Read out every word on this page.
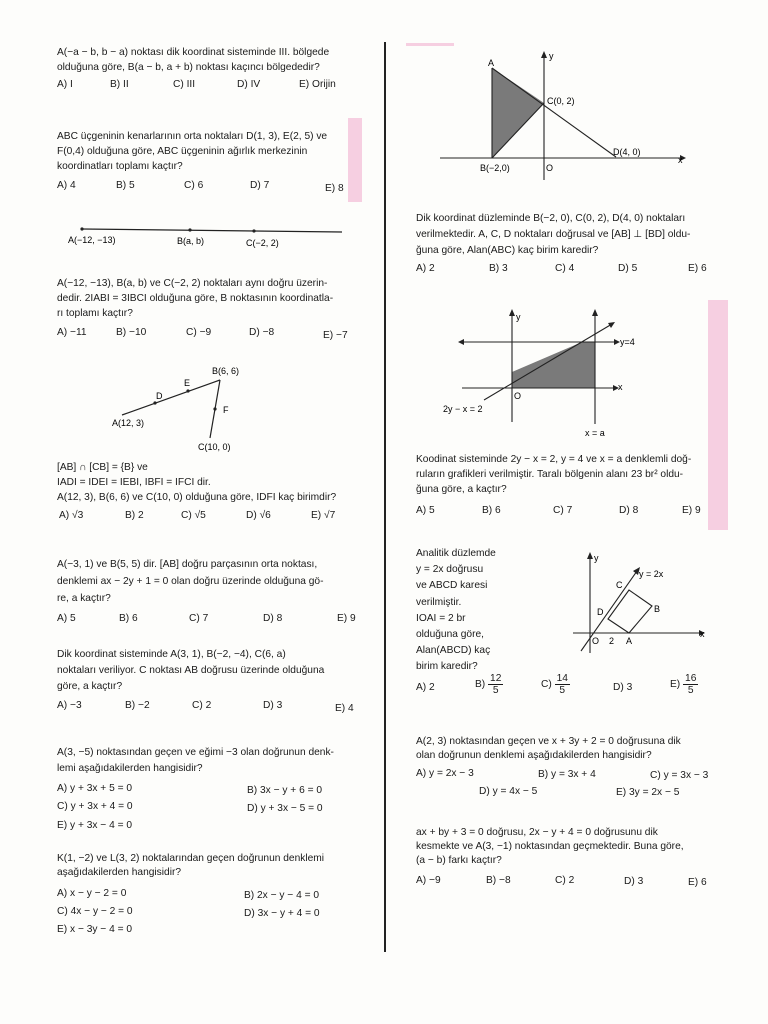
A(−a − b, b − a) noktası dik koordinat sisteminde III. bölgede
olduğuna göre, B(a − b, a + b) noktası kaçıncı bölgededir?
A) I	B) II	C) III	D) IV	E) Orijin
ABC üçgeninin kenarlarının orta noktaları D(1, 3), E(2, 5) ve
F(0,4) olduğuna göre, ABC üçgeninin ağırlık merkezinin
koordinatları toplamı kaçtır?
A) 4	B) 5	C) 6	D) 7	E) 8
A(−12, −13)	B(a, b)	C(−2, 2)
A(−12, −13), B(a, b) ve C(−2, 2) noktaları aynı doğru üzerin-
dedir. 2IABI = 3IBCI olduğuna göre, B noktasının koordinatla-
rı toplamı kaçtır?
A) −11	B) −10	C) −9	D) −8	E) −7
B(6, 6)
E
D
F
A(12, 3)
C(10, 0)
[AB] ∩ [CB] = {B} ve
IADI = IDEI = IEBI, IBFI = IFCI dir.
A(12, 3), B(6, 6) ve C(10, 0) olduğuna göre, IDFI kaç birimdir?
A) √3	B) 2	C) √5	D) √6	E) √7
A(−3, 1) ve B(5, 5) dir. [AB] doğru parçasının orta noktası,
denklemi ax − 2y + 1 = 0 olan doğru üzerinde olduğuna gö-
re, a kaçtır?
A) 5	B) 6	C) 7	D) 8	E) 9
Dik koordinat sisteminde A(3, 1), B(−2, −4), C(6, a)
noktaları veriliyor. C noktası AB doğrusu üzerinde olduğuna
göre, a kaçtır?
A) −3	B) −2	C) 2	D) 3	E) 4
A(3, −5) noktasından geçen ve eğimi −3 olan doğrunun denk-
lemi aşağıdakilerden hangisidir?
A) y + 3x + 5 = 0	B) 3x − y + 6 = 0
C) y + 3x + 4 = 0	D) y + 3x − 5 = 0
E) y + 3x − 4 = 0
K(1, −2) ve L(3, 2) noktalarından geçen doğrunun denklemi
aşağıdakilerden hangisidir?
A) x − y − 2 = 0	B) 2x − y − 4 = 0
C) 4x − y − 2 = 0	D) 3x − y + 4 = 0
E) x − 3y − 4 = 0
y
A
C(0, 2)
D(4, 0)
B(−2,0)	O
x
Dik koordinat düzleminde B(−2, 0), C(0, 2), D(4, 0) noktaları
verilmektedir. A, C, D noktaları doğrusal ve [AB] ⊥ [BD] oldu-
ğuna göre, Alan(ABC) kaç birim karedir?
A) 2	B) 3	C) 4	D) 5	E) 6
y
y=4
x
O
2y − x = 2
x = a
Koodinat sisteminde 2y − x = 2, y = 4 ve x = a denklemli doğ-
ruların grafikleri verilmiştir. Taralı bölgenin alanı 23 br² oldu-
ğuna göre, a kaçtır?
A) 5	B) 6	C) 7	D) 8	E) 9
Analitik düzlemde
y = 2x doğrusu
ve ABCD karesi
verilmiştir.
IOAI = 2 br
olduğuna göre,
Alan(ABCD) kaç
birim karedir?
y
y = 2x
C
B
D
O 2 A
x
A) 2	$B) \frac{12}{5}$	$C) \frac{14}{5}$	D) 3	$E) \frac{16}{5}$
A(2, 3) noktasından geçen ve x + 3y + 2 = 0 doğrusuna dik
olan doğrunun denklemi aşağıdakilerden hangisidir?
A) y = 2x − 3	B) y = 3x + 4	C) y = 3x − 3
D) y = 4x − 5	E) 3y = 2x − 5
ax + by + 3 = 0 doğrusu, 2x − y + 4 = 0 doğrusunu dik
kesmekte ve A(3, −1) noktasından geçmektedir. Buna göre,
(a − b) farkı kaçtır?
A) −9	B) −8	C) 2	D) 3	E) 6
